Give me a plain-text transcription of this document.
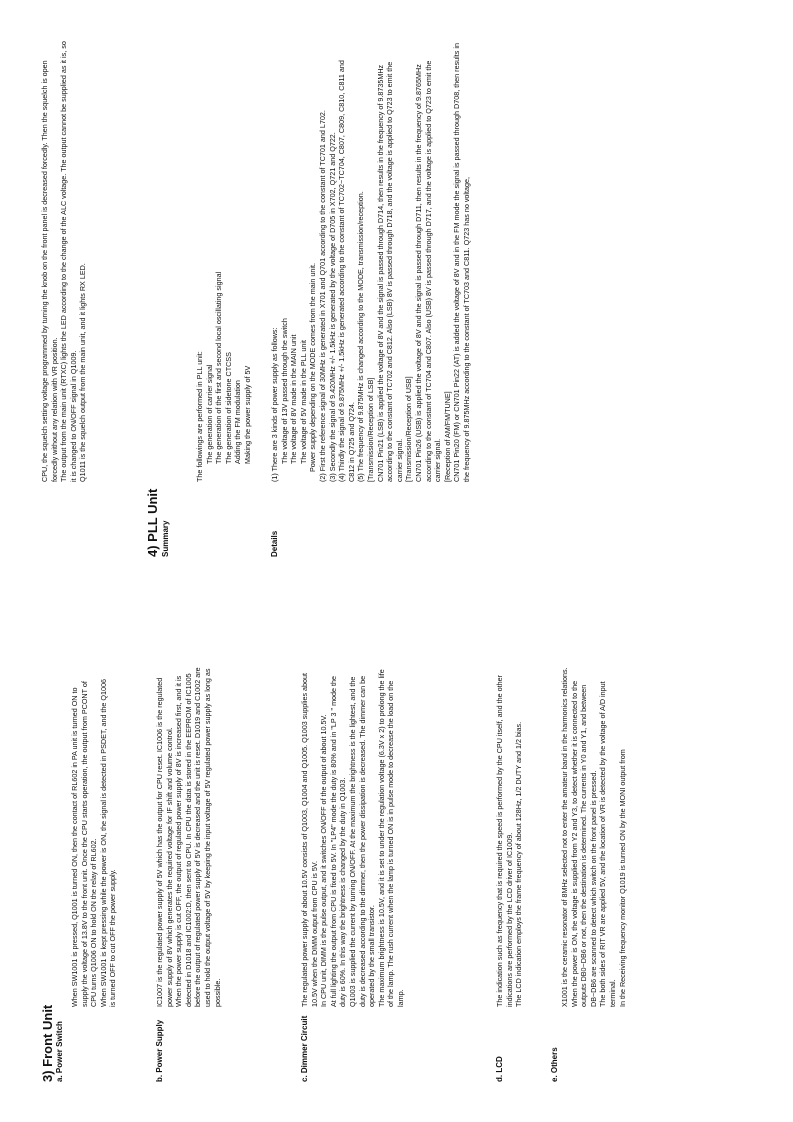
3) Front Unit a. Power Switch

When SW1001 is pressed, Q1001 is turned ON, then the contact of RL602 in PA unit is turned ON to supply the voltage of 13.8V to the front unit. Once the CPU starts operation, the output from PCONT of CPU turns Q1006 ON to hold ON the relay of RL602. When SW1001 is kept pressing while the power is ON, the signal is detected in PSDET, and the Q1006 is turned OFF to cut OFF the power supply.

b. Power Supply

IC1007 is the regulated power supply of 5V which has the output for CPU reset. IC1006 is the regulated power supply of 8V which generates the required voltage for IF shift and volume control. When the power supply is cut OFF, the output of regulated power supply of 8V is increased first, and it is detected in D1018 and IC1002:D, then sent to CPU. In CPU the data is stored in the EEPROM of IC1005 before the output of regulated power supply of 5V is decreased and the unit is reset. D1019 and C1002 are used to hold the output voltage of 5V by keeping the input voltage of 5V regulated power supply as long as possible.

c. Dimmer Circuit

The regulated power supply of about 10.5V consists of Q1003, Q1004 and Q1005. Q1003 supplies about 10.5V when the DIMM output from CPU is 5V. In CPU unit, DIMM is the pulse output, and it switches ON/OFF of the output of about 10.5V. At full lighting the output from CPU is fixed to 5V. In "LP4" mode the duty is 80% and in "LP 3 " mode the duty is 60%. In this way the brightness is changed by the duty in Q1003. Q1003 is supplied the current by turning ON/OFF. At the maximum the brightness is the lightest, and the duty is decreased according to the dimmer, then the power dissipation is decreased. The dimmer can be operated by the small transistor. The maximum brightness is 10.5V, and it is set to under the regulation voltage (6.3V x 2) to prolong the life of the lamp. The rush current when the lamp is turned ON is in pulse mode to decrease the load on the lamp.

d. LCD

The indication such as frequency that is required the speed is performed by the CPU itself, and the other indications are performed by the LCD driver of IC1009. The LCD indication employs the frame frequency of about 128Hz, 1/2 DUTY and 1/2 bias.

e. Others

X1001 is the ceramic resonator of 8MHz selected not to enter the amateur band in the harmonics relations. When the power is ON, the voltage is supplied from Y2 and Y3, to detect whether it is connected to the outputs DB0~DB6 or not, then the destination is determined. The currents in Y0 and Y1, and between DB~DB6 are scanned to detect which switch on the front panel is pressed. The both sides of RIT VR are applied 5V, and the location of VR is detected by the voltage of A/D input terminal. In the Receiving frequency monitor Q1019 is turned ON by the MONI output from

CPU, the squelch setting voltage programmed by turning the knob on the front panel is decreased forcedly. Then the squelch is open forcedly without any relation with VR position. The output from the main unit (RTXC) lights the LED according to the change of the ALC voltage. The output cannot be supplied as it is, so it is changed to ON/OFF signal in Q1009. Q1011 is the squelch output from the main unit, and it lights RX LED.

4) PLL Unit Summary

The followings are performed in PLL unit: The generation of carrier signal The generation of the first and second local oscillating signal The generation of sidetone CTCSS Adding the FM modulation Making the power supply of 5V

Details

(1) There are 3 kinds of power supply as follows: The voltage of 13V passed through the switch The voltage of 8V made in the MAIN unit The voltage of 5V made in the PLL unit Power supply depending on the MODE comes from the main unit. (2) First the reference signal of 30MHz is generated in X701 and Q701 according to the constant of TC701 and L702. (3) Secondly the signal of 9.420MHz +/- 1.5kHz is generated by the voltage of D705 in X702, Q721 and Q722. (4) Thirdly the signal of 9.875MHz +/- 1.5kHz is generated according to the constant of TC702~TC704, C807, C809, C810, C811 and C812 in Q725 and Q724. (5) The frequency of 9.875MHz is changed according to the MODE, transmission/reception. [Transmission/Reception of LSB] CN701 Pin21 (LSB) is applied the voltage of 8V and the signal is passed through D714, then results in the frequency of 9.8735MHz according to the constant of TC702 and C812. Also (LSB) 8V is passed through D718, and the voltage is applied to Q723 to emit the carrier signal. [Transmission/Reception of USB] CN701 Pin26 (USB) is applied the voltage of 8V and the signal is passed through D711, then results in the frequency of 9.8765MHz according to the constant of TC704 and C807. Also (USB) 8V is passed through D717, and the voltage is applied to Q723 to emit the carrier signal. [Reception of AM/FM/TUNE] CN701 Pin20 (FM) or CN701 Pin22 (AT) is added the voltage of 8V and in the FM mode the signal is passed through D708, then results in the frequency of 9.875MHz according to the constant of TC703 and C811. Q723 has no voltage,
